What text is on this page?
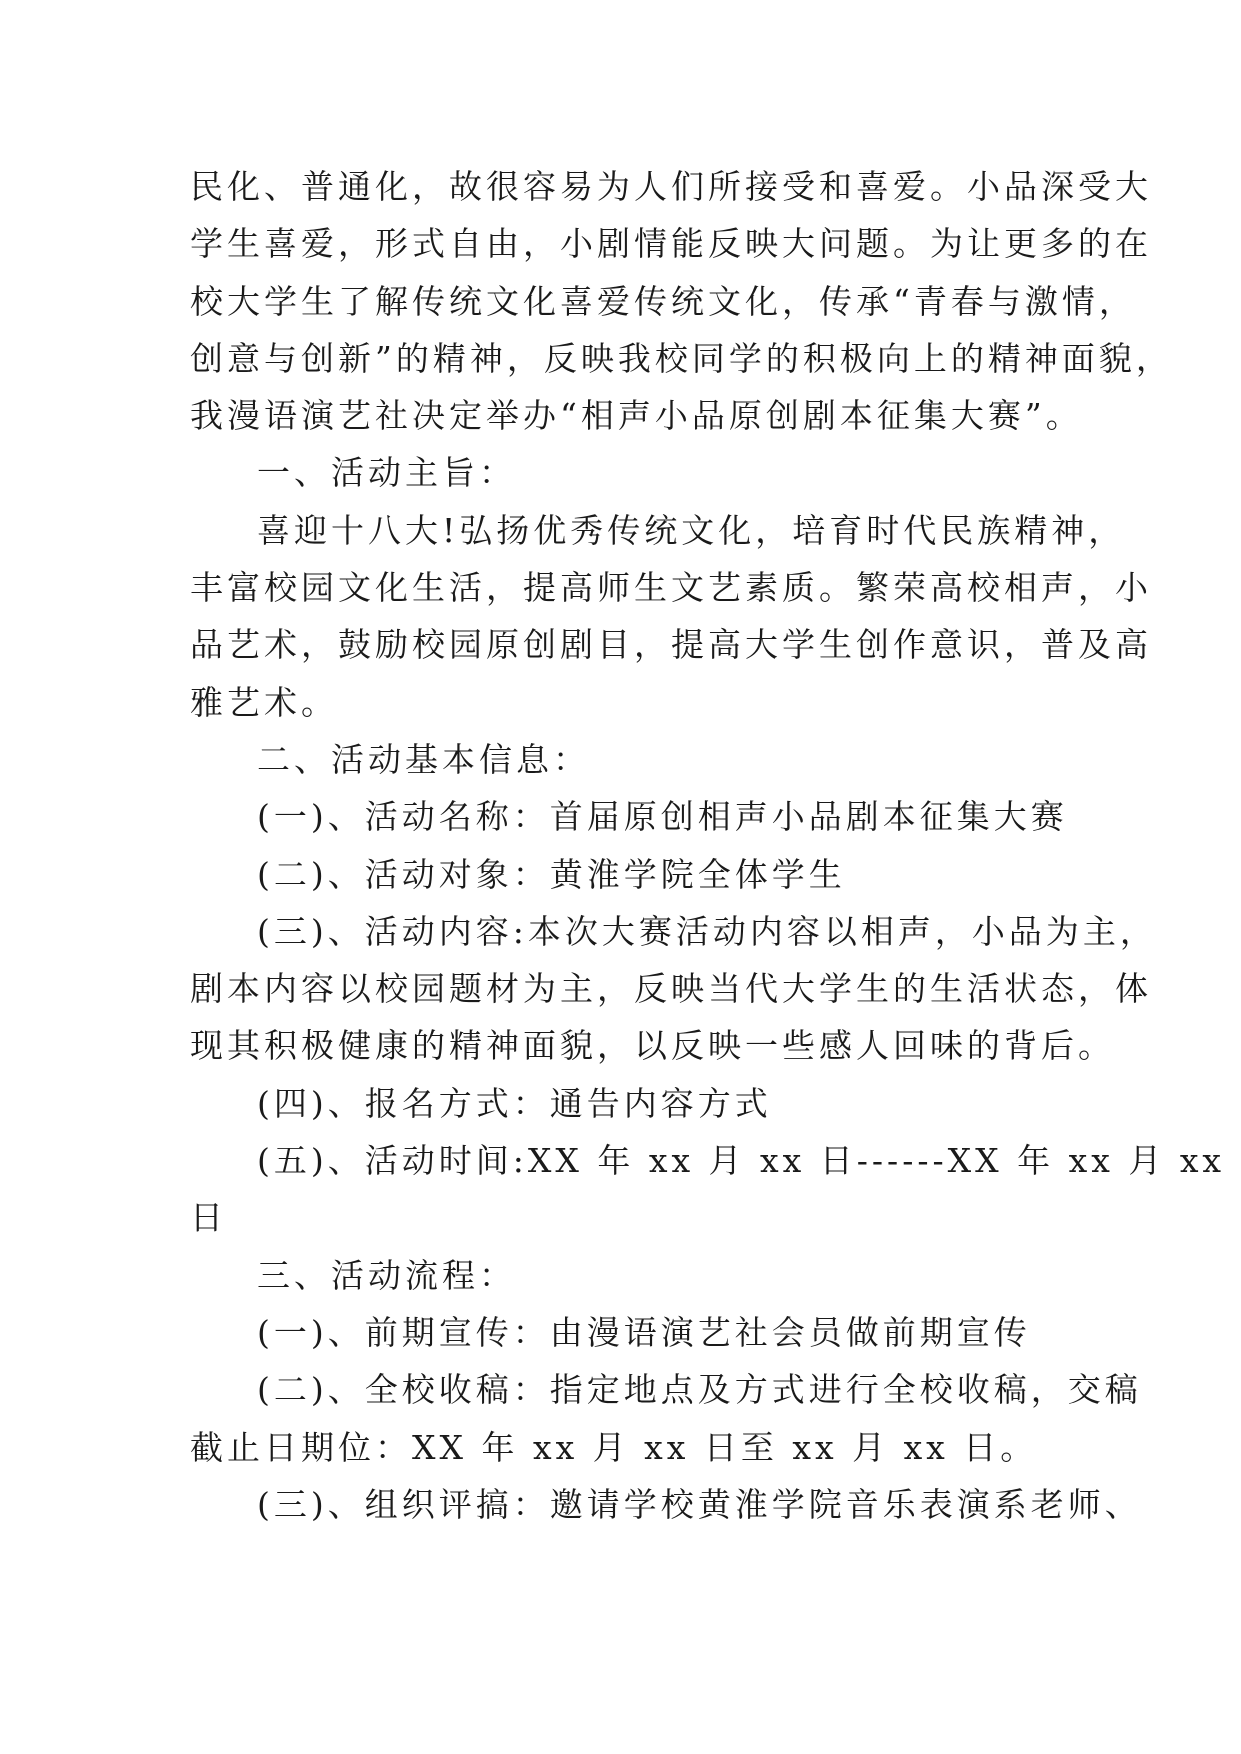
民化、普通化，故很容易为人们所接受和喜爱。小品深受大
学生喜爱，形式自由，小剧情能反映大问题。为让更多的在
校大学生了解传统文化喜爱传统文化，传承“青春与激情，
创意与创新”的精神，反映我校同学的积极向上的精神面貌，
我漫语演艺社决定举办“相声小品原创剧本征集大赛”。
一、活动主旨：
喜迎十八大!弘扬优秀传统文化，培育时代民族精神，
丰富校园文化生活，提高师生文艺素质。繁荣高校相声，小
品艺术，鼓励校园原创剧目，提高大学生创作意识，普及高
雅艺术。
二、活动基本信息：
(一)、活动名称：首届原创相声小品剧本征集大赛
(二)、活动对象：黄淮学院全体学生
(三)、活动内容:本次大赛活动内容以相声，小品为主，
剧本内容以校园题材为主，反映当代大学生的生活状态，体
现其积极健康的精神面貌，以反映一些感人回味的背后。
(四)、报名方式：通告内容方式
(五)、活动时间:XX 年 xx 月 xx 日------XX 年 xx 月 xx
日
三、活动流程：
(一)、前期宣传：由漫语演艺社会员做前期宣传
(二)、全校收稿：指定地点及方式进行全校收稿，交稿
截止日期位：XX 年 xx 月 xx 日至 xx 月 xx 日。
(三)、组织评搞：邀请学校黄淮学院音乐表演系老师、
